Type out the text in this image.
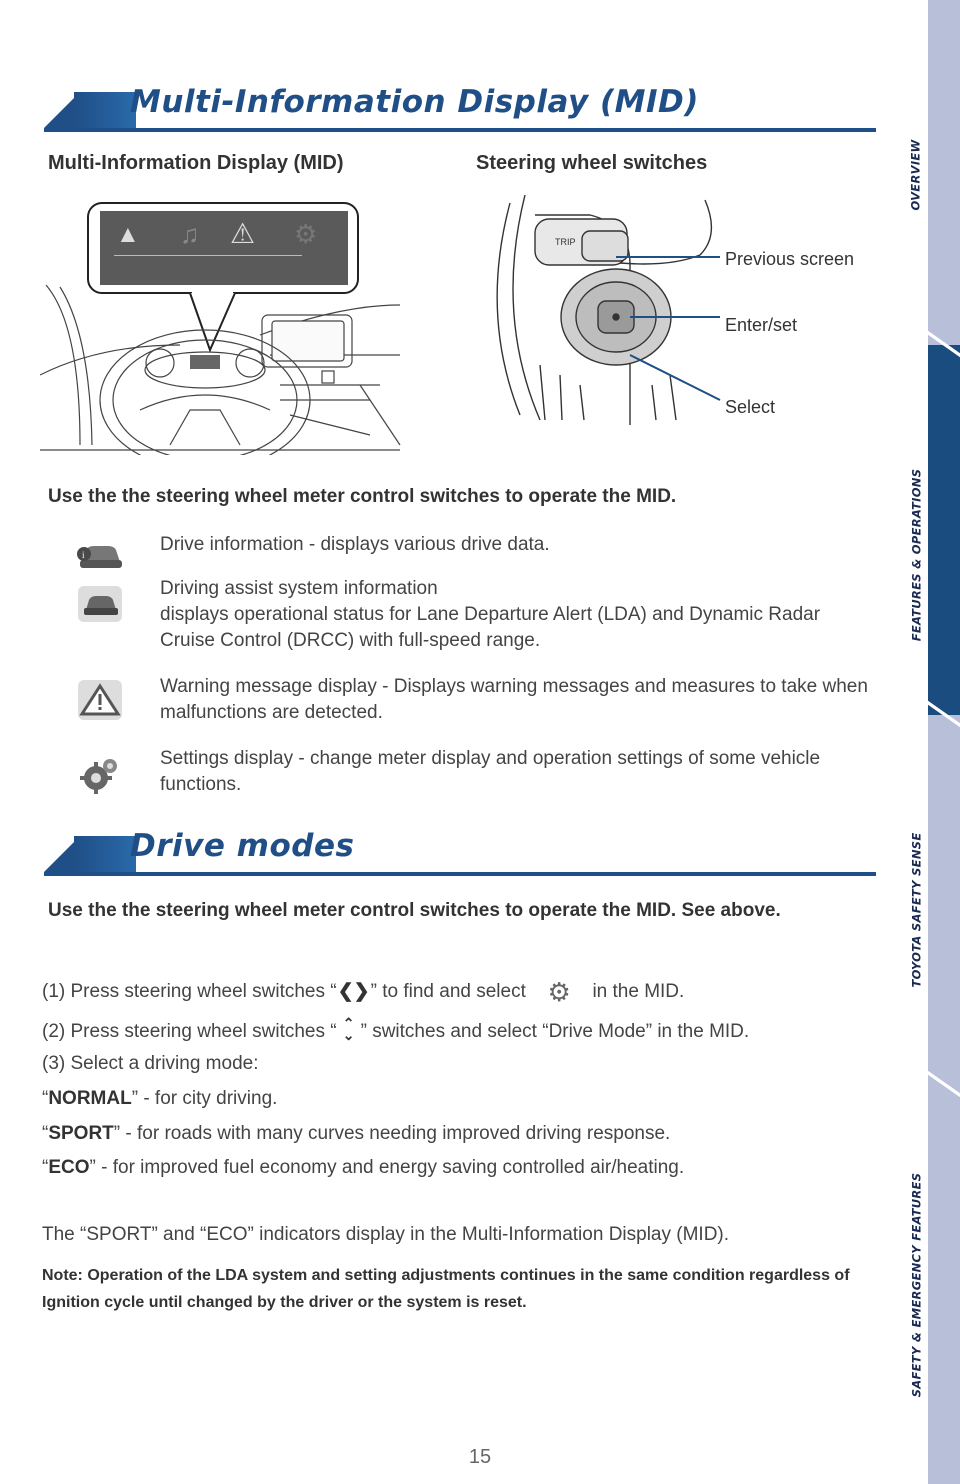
Multi-Information Display (MID)
Multi-Information Display (MID)	Steering wheel switches
▲ ♫ ⚠ ⚙	TRIP
Previous screen
Enter/set
Select
Use the the steering wheel meter control switches to operate the MID.
i	Drive information - displays various drive data.
Driving assist system information
displays operational status for Lane Departure Alert (LDA) and Dynamic Radar Cruise Control (DRCC) with full-speed range.
Warning message display - Displays warning messages and measures to take when malfunctions are detected.
Settings display - change meter display and operation settings of some vehicle functions.
Drive modes
Use the the steering wheel meter control switches to operate the MID. See above.
(1) Press steering wheel switches “❮❯” to find and select ⚙ in the MID.
(2) Press steering wheel switches “ ⌃
⌄ ” switches and select “Drive Mode” in the MID.
(3) Select a driving mode:
“NORMAL” - for city driving.
“SPORT” - for roads with many curves needing improved driving response.
“ECO” - for improved fuel economy and energy saving controlled air/heating.
The “SPORT” and “ECO” indicators display in the Multi-Information Display (MID).
Note: Operation of the LDA system and setting adjustments continues in the same condition regardless of Ignition cycle until changed by the driver or the system is reset.
15
OVERVIEW
FEATURES & OPERATIONS
TOYOTA SAFETY SENSE
SAFETY & EMERGENCY FEATURES
